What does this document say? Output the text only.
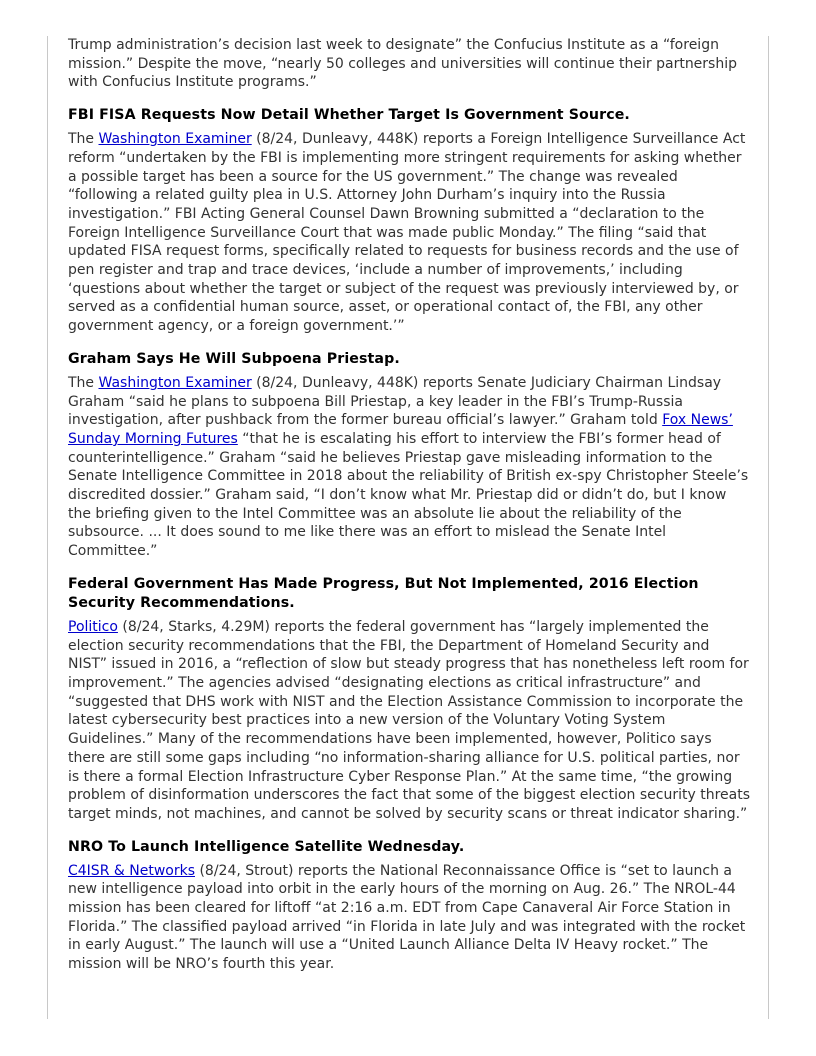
Trump administration’s decision last week to designate” the Confucius Institute as a “foreign mission.” Despite the move, “nearly 50 colleges and universities will continue their partnership with Confucius Institute programs.”

FBI FISA Requests Now Detail Whether Target Is Government Source.

The Washington Examiner (8/24, Dunleavy, 448K) reports a Foreign Intelligence Surveillance Act reform “undertaken by the FBI is implementing more stringent requirements for asking whether a possible target has been a source for the US government.” The change was revealed “following a related guilty plea in U.S. Attorney John Durham’s inquiry into the Russia investigation.” FBI Acting General Counsel Dawn Browning submitted a “declaration to the Foreign Intelligence Surveillance Court that was made public Monday.” The filing “said that updated FISA request forms, specifically related to requests for business records and the use of pen register and trap and trace devices, ‘include a number of improvements,’ including ‘questions about whether the target or subject of the request was previously interviewed by, or served as a confidential human source, asset, or operational contact of, the FBI, any other government agency, or a foreign government.’”

Graham Says He Will Subpoena Priestap.

The Washington Examiner (8/24, Dunleavy, 448K) reports Senate Judiciary Chairman Lindsay Graham “said he plans to subpoena Bill Priestap, a key leader in the FBI’s Trump-Russia investigation, after pushback from the former bureau official’s lawyer.” Graham told Fox News’ Sunday Morning Futures “that he is escalating his effort to interview the FBI’s former head of counterintelligence.” Graham “said he believes Priestap gave misleading information to the Senate Intelligence Committee in 2018 about the reliability of British ex-spy Christopher Steele’s discredited dossier.” Graham said, “I don’t know what Mr. Priestap did or didn’t do, but I know the briefing given to the Intel Committee was an absolute lie about the reliability of the subsource. ... It does sound to me like there was an effort to mislead the Senate Intel Committee.”

Federal Government Has Made Progress, But Not Implemented, 2016 Election Security Recommendations.

Politico (8/24, Starks, 4.29M) reports the federal government has “largely implemented the election security recommendations that the FBI, the Department of Homeland Security and NIST” issued in 2016, a “reflection of slow but steady progress that has nonetheless left room for improvement.” The agencies advised “designating elections as critical infrastructure” and “suggested that DHS work with NIST and the Election Assistance Commission to incorporate the latest cybersecurity best practices into a new version of the Voluntary Voting System Guidelines.” Many of the recommendations have been implemented, however, Politico says there are still some gaps including “no information-sharing alliance for U.S. political parties, nor is there a formal Election Infrastructure Cyber Response Plan.” At the same time, “the growing problem of disinformation underscores the fact that some of the biggest election security threats target minds, not machines, and cannot be solved by security scans or threat indicator sharing.”

NRO To Launch Intelligence Satellite Wednesday.

C4ISR & Networks (8/24, Strout) reports the National Reconnaissance Office is “set to launch a new intelligence payload into orbit in the early hours of the morning on Aug. 26.” The NROL-44 mission has been cleared for liftoff “at 2:16 a.m. EDT from Cape Canaveral Air Force Station in Florida.” The classified payload arrived “in Florida in late July and was integrated with the rocket in early August.” The launch will use a “United Launch Alliance Delta IV Heavy rocket.” The mission will be NRO’s fourth this year.
